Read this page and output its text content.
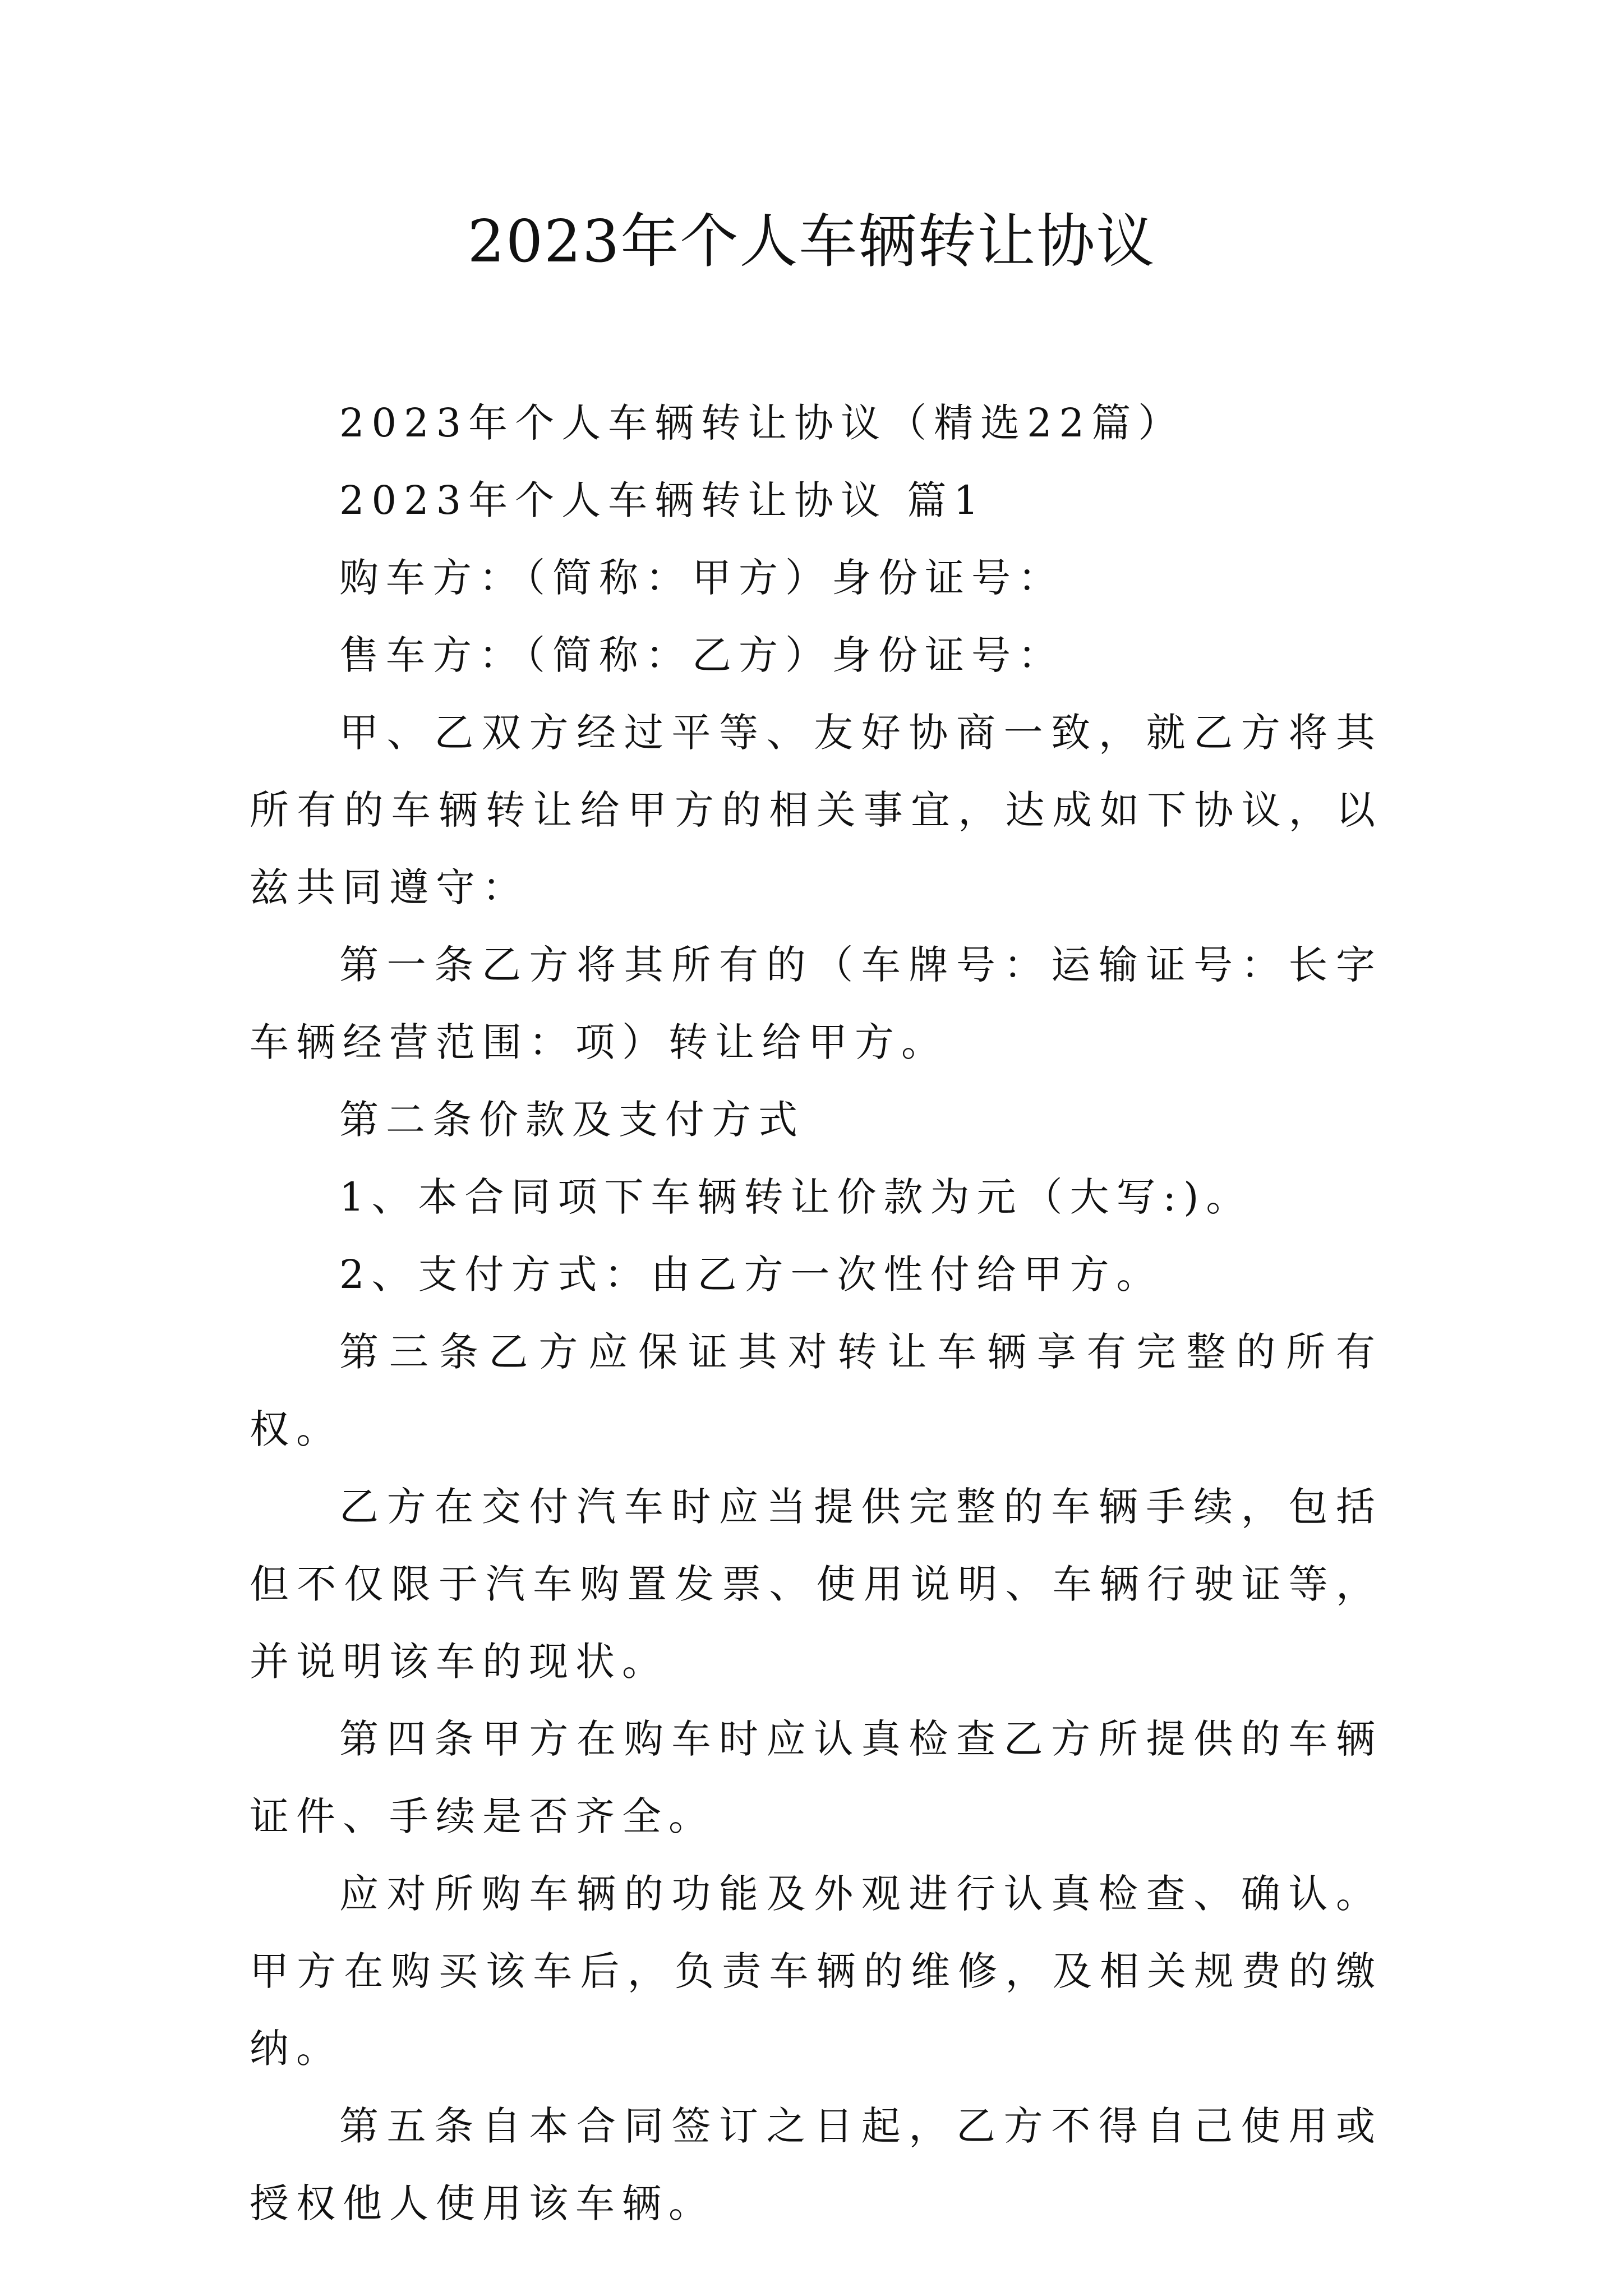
2023年个人车辆转让协议

2023年个人车辆转让协议（精选22篇）

2023年个人车辆转让协议 篇1

购车方：（简称：甲方）身份证号：

售车方：（简称：乙方）身份证号：

甲、乙双方经过平等、友好协商一致，就乙方将其所有的车辆转让给甲方的相关事宜，达成如下协议，以兹共同遵守：

第一条乙方将其所有的（车牌号：运输证号：长字车辆经营范围：项）转让给甲方。

第二条价款及支付方式

1、本合同项下车辆转让价款为元（大写:)。

2、支付方式：由乙方一次性付给甲方。

第三条乙方应保证其对转让车辆享有完整的所有权。

乙方在交付汽车时应当提供完整的车辆手续，包括但不仅限于汽车购置发票、使用说明、车辆行驶证等，并说明该车的现状。

第四条甲方在购车时应认真检查乙方所提供的车辆证件、手续是否齐全。

应对所购车辆的功能及外观进行认真检查、确认。甲方在购买该车后，负责车辆的维修，及相关规费的缴纳。

第五条自本合同签订之日起，乙方不得自己使用或授权他人使用该车辆。
